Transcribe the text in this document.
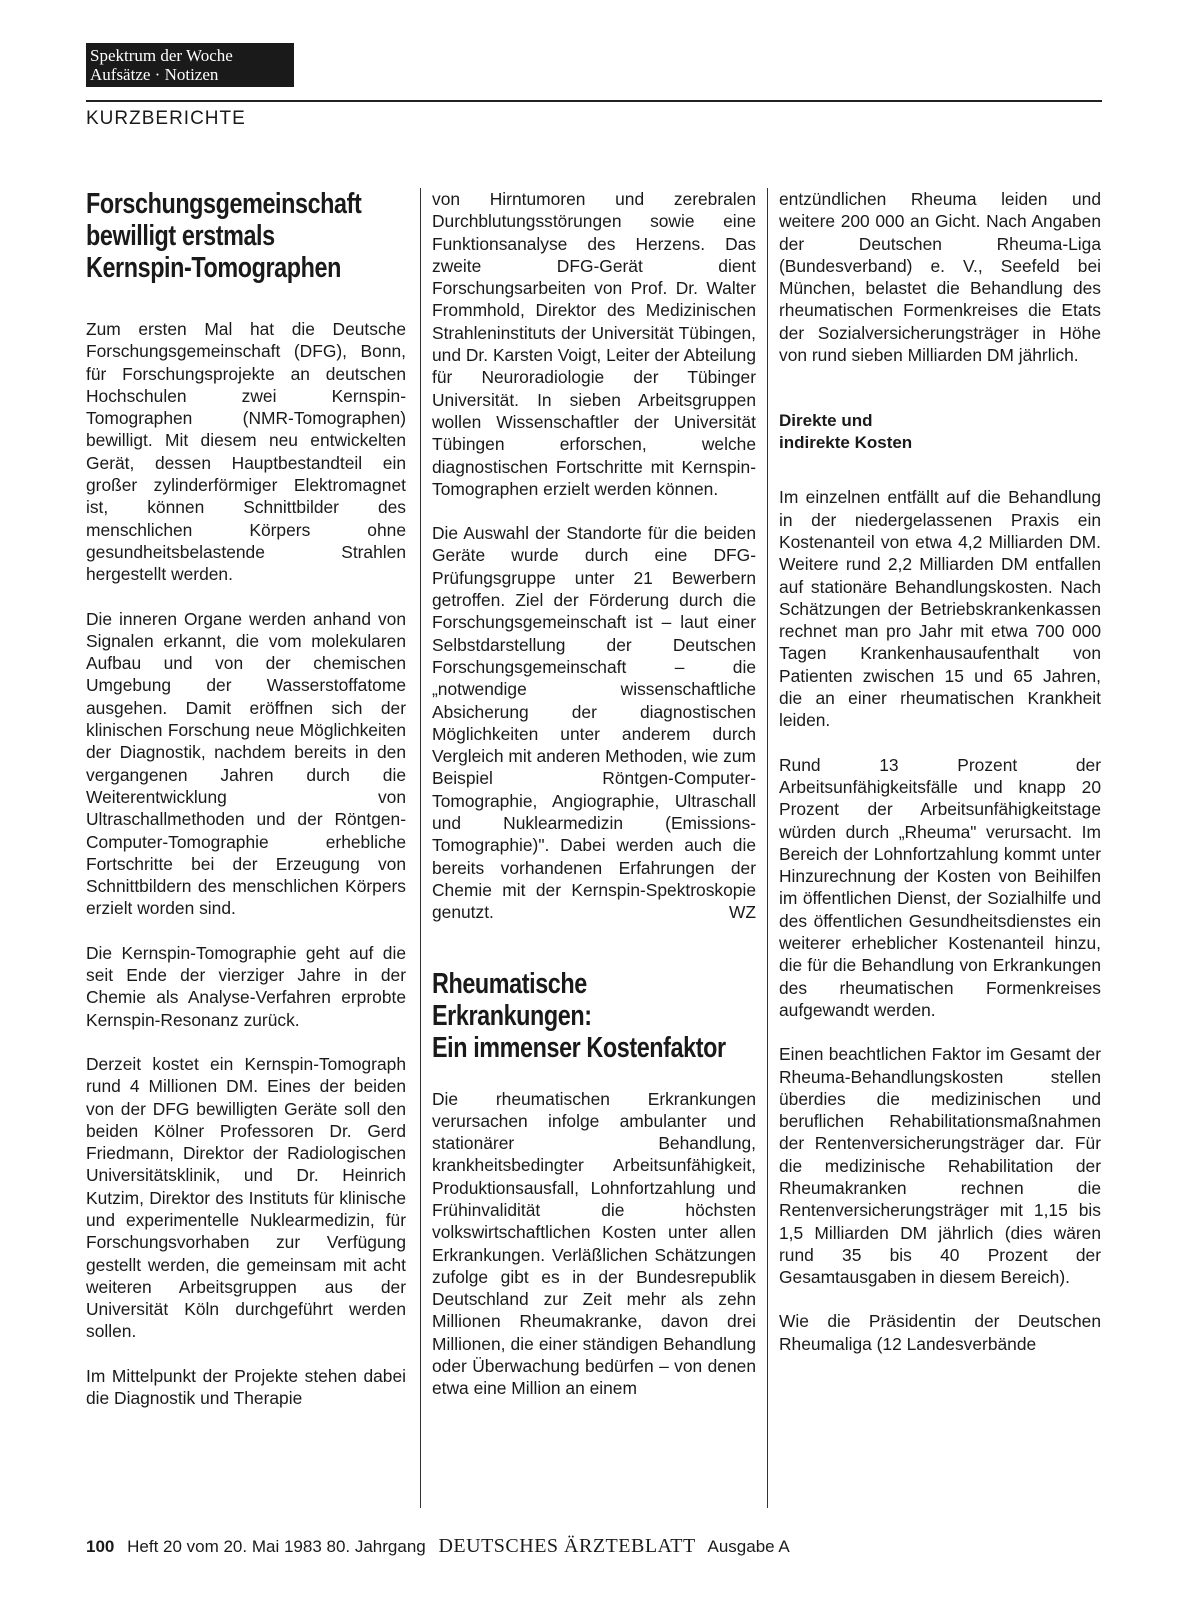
Spektrum der Woche
Aufsätze · Notizen
KURZBERICHTE
Forschungsgemeinschaft
bewilligt erstmals
Kernspin-Tomographen

Zum ersten Mal hat die Deutsche Forschungsgemeinschaft (DFG), Bonn, für Forschungsprojekte an deutschen Hochschulen zwei Kernspin-Tomographen (NMR-Tomographen) bewilligt. Mit diesem neu entwickelten Gerät, dessen Hauptbestandteil ein großer zylinderförmiger Elektromagnet ist, können Schnittbilder des menschlichen Körpers ohne gesundheitsbelastende Strahlen hergestellt werden.

Die inneren Organe werden anhand von Signalen erkannt, die vom molekularen Aufbau und von der chemischen Umgebung der Wasserstoffatome ausgehen. Damit eröffnen sich der klinischen Forschung neue Möglichkeiten der Diagnostik, nachdem bereits in den vergangenen Jahren durch die Weiterentwicklung von Ultraschallmethoden und der Röntgen-Computer-Tomographie erhebliche Fortschritte bei der Erzeugung von Schnittbildern des menschlichen Körpers erzielt worden sind.

Die Kernspin-Tomographie geht auf die seit Ende der vierziger Jahre in der Chemie als Analyse-Verfahren erprobte Kernspin-Resonanz zurück.

Derzeit kostet ein Kernspin-Tomograph rund 4 Millionen DM. Eines der beiden von der DFG bewilligten Geräte soll den beiden Kölner Professoren Dr. Gerd Friedmann, Direktor der Radiologischen Universitätsklinik, und Dr. Heinrich Kutzim, Direktor des Instituts für klinische und experimentelle Nuklearmedizin, für Forschungsvorhaben zur Verfügung gestellt werden, die gemeinsam mit acht weiteren Arbeitsgruppen aus der Universität Köln durchgeführt werden sollen.

Im Mittelpunkt der Projekte stehen dabei die Diagnostik und Therapie

von Hirntumoren und zerebralen Durchblutungsstörungen sowie eine Funktionsanalyse des Herzens. Das zweite DFG-Gerät dient Forschungsarbeiten von Prof. Dr. Walter Frommhold, Direktor des Medizinischen Strahleninstituts der Universität Tübingen, und Dr. Karsten Voigt, Leiter der Abteilung für Neuroradiologie der Tübinger Universität. In sieben Arbeitsgruppen wollen Wissenschaftler der Universität Tübingen erforschen, welche diagnostischen Fortschritte mit Kernspin-Tomographen erzielt werden können.

Die Auswahl der Standorte für die beiden Geräte wurde durch eine DFG-Prüfungsgruppe unter 21 Bewerbern getroffen. Ziel der Förderung durch die Forschungsgemeinschaft ist – laut einer Selbstdarstellung der Deutschen Forschungsgemeinschaft – die „notwendige wissenschaftliche Absicherung der diagnostischen Möglichkeiten unter anderem durch Vergleich mit anderen Methoden, wie zum Beispiel Röntgen-Computer-Tomographie, Angiographie, Ultraschall und Nuklearmedizin (Emissions-Tomographie)". Dabei werden auch die bereits vorhandenen Erfahrungen der Chemie mit der Kernspin-Spektroskopie genutzt.	WZ

Rheumatische
Erkrankungen:
Ein immenser Kostenfaktor

Die rheumatischen Erkrankungen verursachen infolge ambulanter und stationärer Behandlung, krankheitsbedingter Arbeitsunfähigkeit, Produktionsausfall, Lohnfortzahlung und Frühinvalidität die höchsten volkswirtschaftlichen Kosten unter allen Erkrankungen. Verläßlichen Schätzungen zufolge gibt es in der Bundesrepublik Deutschland zur Zeit mehr als zehn Millionen Rheumakranke, davon drei Millionen, die einer ständigen Behandlung oder Überwachung bedürfen – von denen etwa eine Million an einem

entzündlichen Rheuma leiden und weitere 200 000 an Gicht. Nach Angaben der Deutschen Rheuma-Liga (Bundesverband) e. V., Seefeld bei München, belastet die Behandlung des rheumatischen Formenkreises die Etats der Sozialversicherungsträger in Höhe von rund sieben Milliarden DM jährlich.

Direkte und
indirekte Kosten

Im einzelnen entfällt auf die Behandlung in der niedergelassenen Praxis ein Kostenanteil von etwa 4,2 Milliarden DM. Weitere rund 2,2 Milliarden DM entfallen auf stationäre Behandlungskosten. Nach Schätzungen der Betriebskrankenkassen rechnet man pro Jahr mit etwa 700 000 Tagen Krankenhausaufenthalt von Patienten zwischen 15 und 65 Jahren, die an einer rheumatischen Krankheit leiden.

Rund 13 Prozent der Arbeitsunfähigkeitsfälle und knapp 20 Prozent der Arbeitsunfähigkeitstage würden durch „Rheuma" verursacht. Im Bereich der Lohnfortzahlung kommt unter Hinzurechnung der Kosten von Beihilfen im öffentlichen Dienst, der Sozialhilfe und des öffentlichen Gesundheitsdienstes ein weiterer erheblicher Kostenanteil hinzu, die für die Behandlung von Erkrankungen des rheumatischen Formenkreises aufgewandt werden.

Einen beachtlichen Faktor im Gesamt der Rheuma-Behandlungskosten stellen überdies die medizinischen und beruflichen Rehabilitationsmaßnahmen der Rentenversicherungsträger dar. Für die medizinische Rehabilitation der Rheumakranken rechnen die Rentenversicherungsträger mit 1,15 bis 1,5 Milliarden DM jährlich (dies wären rund 35 bis 40 Prozent der Gesamtausgaben in diesem Bereich).

Wie die Präsidentin der Deutschen Rheumaliga (12 Landesverbände

100 Heft 20 vom 20. Mai 1983 80. Jahrgang DEUTSCHES ÄRZTEBLATT Ausgabe A
